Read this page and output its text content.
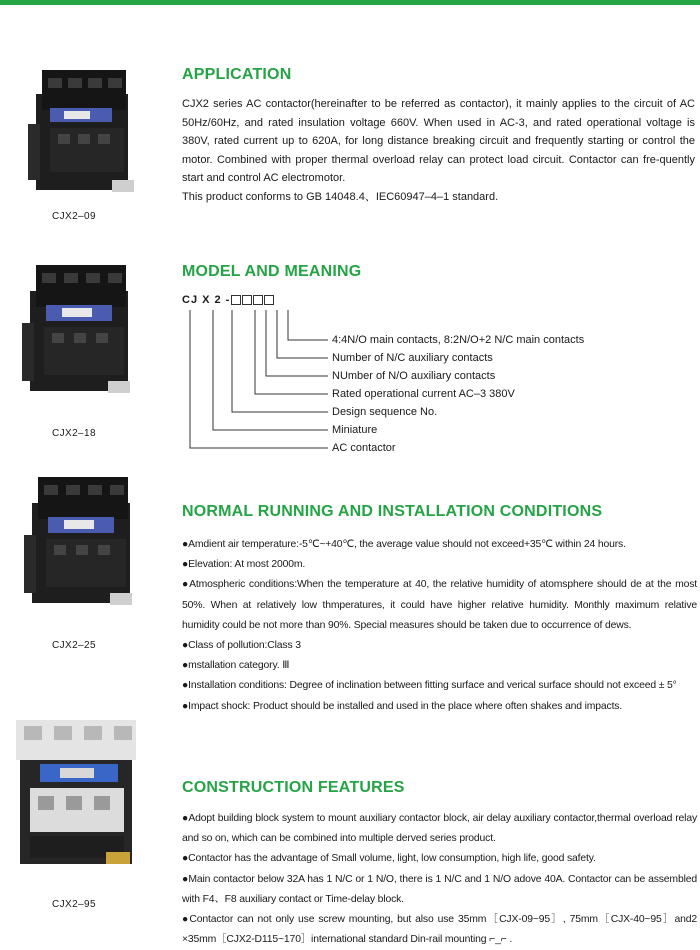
CJX2–09
CJX2–18
CJX2–25
CJX2–95
APPLICATION

CJX2 series AC contactor(hereinafter to be referred as contactor), it mainly applies to the circuit of AC 50Hz/60Hz, and rated insulation voltage 660V. When used in AC-3, and rated operational voltage is 380V, rated current up to 620A, for long distance breaking circuit and frequently starting or control the motor. Combined with proper thermal overload relay can protect load circuit. Contactor can fre-quently start and control AC electromotor.

This product conforms to GB 14048.4、IEC60947–4–1 standard.

MODEL AND MEANING
CJ X 2 -
4:4N/O main contacts, 8:2N/O+2 N/C main contacts
Number of N/C auxiliary contacts
NUmber of N/O auxiliary contacts
Rated operational current AC–3 380V
Design sequence No.
Miniature
AC contactor
NORMAL RUNNING AND INSTALLATION CONDITIONS

●Amdient air temperature:-5℃~+40℃, the average value should not exceed+35℃ within 24 hours.

●Elevation: At most 2000m.

●Atmospheric conditions:When the temperature at 40, the relative humidity of atomsphere should de at the most 50%. When at relatively low thmperatures, it could have higher relative humidity. Monthly maximum relative humidity could be not more than 90%. Special measures should be taken due to occurrence of dews.

●Class of pollution:Class 3

●mstallation category. Ⅲ

●Installation conditions: Degree of inclination between fitting surface and verical surface should not exceed ± 5°

●Impact shock: Product should be installed and used in the place where often shakes and impacts.

CONSTRUCTION FEATURES

●Adopt building block system to mount auxiliary contactor block, air delay auxiliary contactor,thermal overload relay and so on, which can be combined into multiple derved series product.

●Contactor has the advantage of Small volume, light, low consumption, high life, good safety.

●Main contactor below 32A has 1 N/C or 1 N/O, there is 1 N/C and 1 N/O adove 40A. Contactor can be assembled with F4、F8 auxiliary contact or Time-delay block.

●Contactor can not only use screw mounting, but also use 35mm［CJX-09~95］, 75mm［CJX-40~95］and2 ×35mm［CJX2-D115~170］international standard Din-rail mounting ⌐_⌐ .
